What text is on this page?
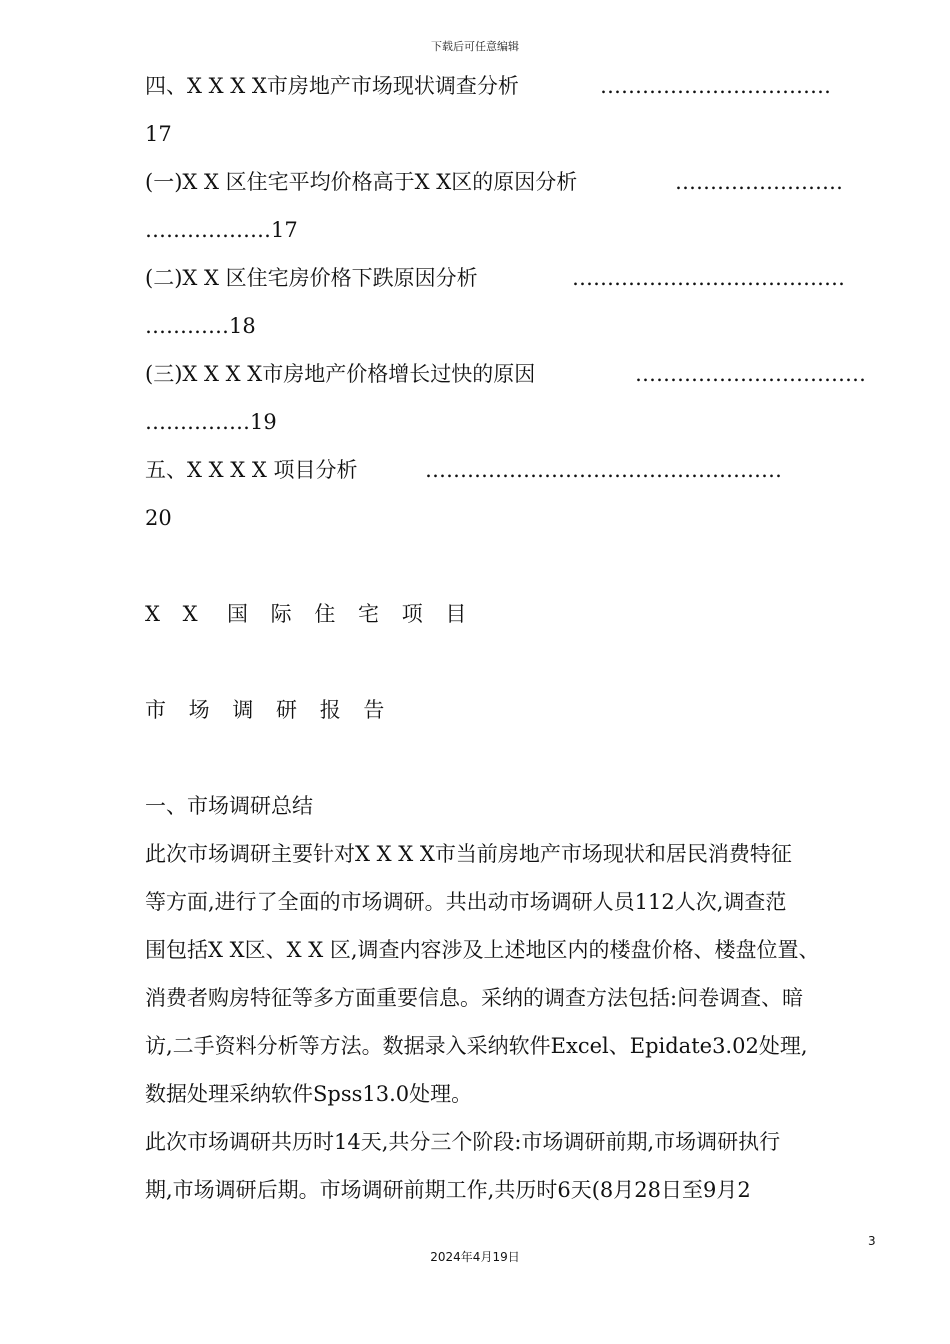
下载后可任意编辑
四、X X X X市房地产市场现状调查分析	……………………………
17
(一)X X 区住宅平均价格高于X X区的原因分析	……………………
………………17
(二)X X 区住宅房价格下跌原因分析	…………………………………
…………18
(三)X X X X市房地产价格增长过快的原因	……………………………
……………19
五、X X X X 项目分析	……………………………………………
20
X X 国 际 住 宅 项 目
市 场 调 研 报 告
一、市场调研总结
此次市场调研主要针对X X X X市当前房地产市场现状和居民消费特征
等方面,进行了全面的市场调研。共出动市场调研人员112人次,调查范
围包括X X区、X X 区,调查内容涉及上述地区内的楼盘价格、楼盘位置、
消费者购房特征等多方面重要信息。采纳的调查方法包括:问卷调查、暗
访,二手资料分析等方法。数据录入采纳软件Excel、Epidate3.02处理,
数据处理采纳软件Spss13.0处理。
此次市场调研共历时14天,共分三个阶段:市场调研前期,市场调研执行
期,市场调研后期。市场调研前期工作,共历时6天(8月28日至9月2
3
2024年4月19日
